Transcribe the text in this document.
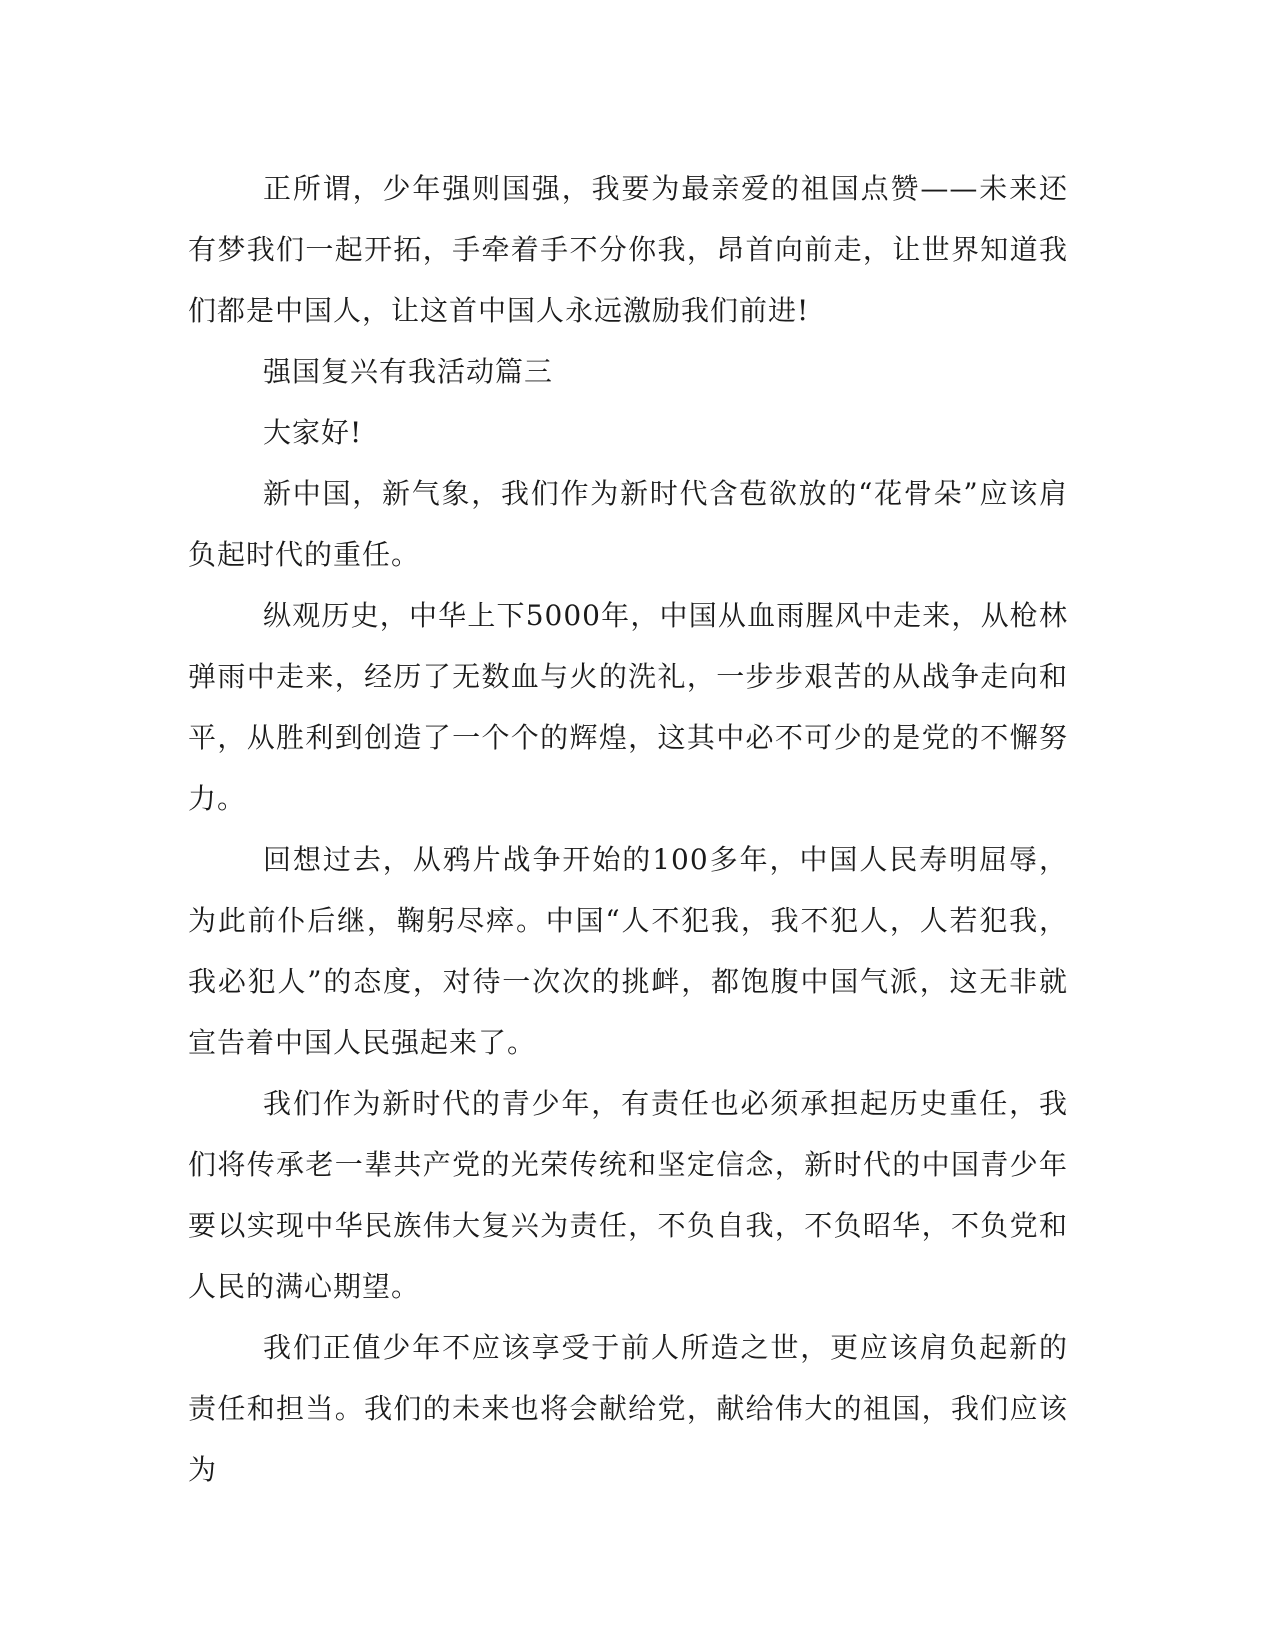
正所谓，少年强则国强，我要为最亲爱的祖国点赞——未来还有梦我们一起开拓，手牵着手不分你我，昂首向前走，让世界知道我们都是中国人，让这首中国人永远激励我们前进!

强国复兴有我活动篇三

大家好!

新中国，新气象，我们作为新时代含苞欲放的“花骨朵”应该肩负起时代的重任。

纵观历史，中华上下5000年，中国从血雨腥风中走来，从枪林弹雨中走来，经历了无数血与火的洗礼，一步步艰苦的从战争走向和平，从胜利到创造了一个个的辉煌，这其中必不可少的是党的不懈努力。

回想过去，从鸦片战争开始的100多年，中国人民寿明屈辱，为此前仆后继，鞠躬尽瘁。中国“人不犯我，我不犯人，人若犯我，我必犯人”的态度，对待一次次的挑衅，都饱腹中国气派，这无非就宣告着中国人民强起来了。

我们作为新时代的青少年，有责任也必须承担起历史重任，我们将传承老一辈共产党的光荣传统和坚定信念，新时代的中国青少年要以实现中华民族伟大复兴为责任，不负自我，不负昭华，不负党和人民的满心期望。

我们正值少年不应该享受于前人所造之世，更应该肩负起新的责任和担当。我们的未来也将会献给党，献给伟大的祖国，我们应该为
